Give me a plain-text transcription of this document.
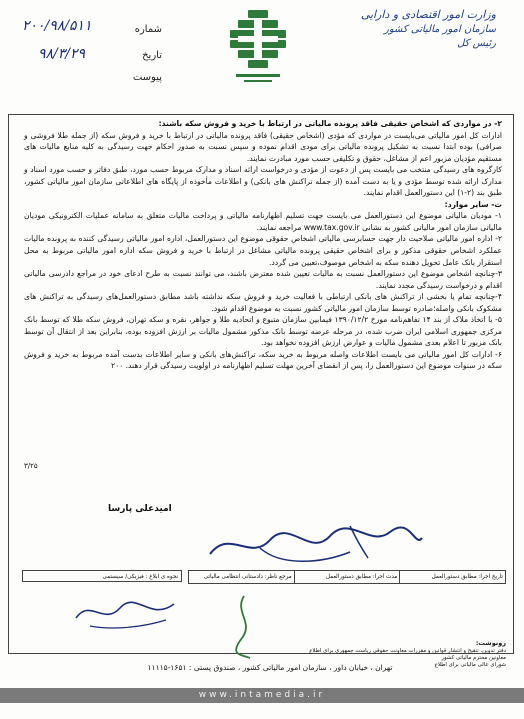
وزارت امور اقتصادی و دارایی
سازمان امور مالیاتی کشور
رئیس کل
شماره
۲۰۰/۹۸/۵۱۱
تاریخ
۹۸/۳/۲۹
پیوست

۲- در مواردی که اشخاص حقیقی فاقد پرونده مالیاتی در ارتباط با خرید و فروش سکه باشند:

ادارات کل امور مالیاتی می‌بایست در مواردی که مؤدی (اشخاص حقیقی) فاقد پرونده مالیاتی در ارتباط با خرید و فروش سکه (از جمله طلا فروشی و صرافی) بوده ابتدا نسبت به تشکیل پرونده مالیاتی برای مودی اقدام نموده و سپس نسبت به صدور احکام جهت رسیدگی به کلیه منابع مالیات های مستقیم مؤدیان مزبور اعم از مشاغل، حقوق و تکلیفی حسب مورد مبادرت نمایند.

کارگروه های رسیدگی منتخب می بایست پس از دعوت از مؤدی و درخواست ارائه اسناد و مدارک مربوط حسب مورد، طبق دفاتر و حسب مورد اسناد و مدارک ارائه شده توسط مؤدی و یا به دست آمده (از جمله تراکنش های بانکی) و اطلاعات مأخوذه از پایگاه های اطلاعاتی سازمان امور مالیاتی کشور، طبق بند (۲-۱) این دستورالعمل اقدام نمایند.

ث- سایر موارد:

۱- مودیان مالیاتی موضوع این دستورالعمل می بایست جهت تسلیم اظهارنامه مالیاتی و پرداخت مالیات متعلق به سامانه عملیات الکترونیکی مودیان مالیاتی سازمان امور مالیاتی کشور به نشانی www.tax.gov.ir مراجعه نمایند.

۲- اداره امور مالیاتی صلاحیت دار جهت حسابرسی مالیاتی اشخاص حقوقی موضوع این دستورالعمل، اداره امور مالیاتی رسیدگی کننده به پرونده مالیات عملکرد اشخاص حقوقی مذکور و برای اشخاص حقیقی پرونده مالیاتی مشاغل در ارتباط با خرید و فروش سکه اداره امور مالیاتی مربوط به محل استقرار بانک عامل تحویل دهنده سکه به اشخاص موصوف،تعیین می گردد.

۳-چنانچه اشخاص موضوع این دستورالعمل نسبت به مالیات تعیین شده معترض باشند، می توانند نسبت به طرح ادعای خود در مراجع دادرسی مالیاتی اقدام و درخواست رسیدگی مجدد نمایند.

۴-چنانچه تمام یا بخشی از تراکنش های بانکی ارتباطی با فعالیت خرید و فروش سکه نداشته باشد مطابق دستورالعمل‌های رسیدگی به تراکنش های مشکوک بانکی واصله؛صادره توسط سازمان امور مالیاتی کشور نسبت به موضوع اقدام شود.

۵- با اتخاذ ملاک از بند ۱۴ تفاهم‌نامه مورخ ۱۳۹۰/۱۲/۲ فیمابین سازمان متبوع و اتحادیه طلا و جواهر، نقره و سکه تهران، فروش سکه طلا که توسط بانک مرکزی جمهوری اسلامی ایران ضرب شده، در مرحله عرضه توسط بانک مذکور مشمول مالیات بر ارزش افزوده بوده، بنابراین بعد از انتقال آن توسط بانک مزبور تا اعلام بعدی مشمول مالیات و عوارض ارزش افزوده نخواهد بود.

۶- ادارات کل امور مالیاتی می بایست اطلاعات واصله مربوط به خرید سکه، تراکنش‌های بانکی و سایر اطلاعات بدست آمده مربوط به خرید و فروش سکه در سنوات موضوع این دستورالعمل را، پس از انقضای آخرین مهلت تسلیم اظهارنامه در اولویت رسیدگی قرار دهند. ۲۰۰

۳/۲۵
امیدعلی پارسا
تاریخ اجرا: مطابق دستورالعمل
مدت اجرا: مطابق دستورالعمل
مرجع ناظر: دادستانی انتظامی مالیاتی
نحوه ی ابلاغ : فیزیکی/ سیستمی
رونوشت:
دفتر تدوین، تنقیح و انتشار قوانین و مقررات معاونت حقوقی ریاست جمهوری برای اطلاع
معاونین محترم مالیاتی کشور
شورای عالی مالیاتی برای اطلاع
تهران ، خیابان داور ، سازمان امور مالیاتی کشور ، صندوق پستی : ۱۶۵۱-۱۱۱۱۵
www.intamedia.ir
